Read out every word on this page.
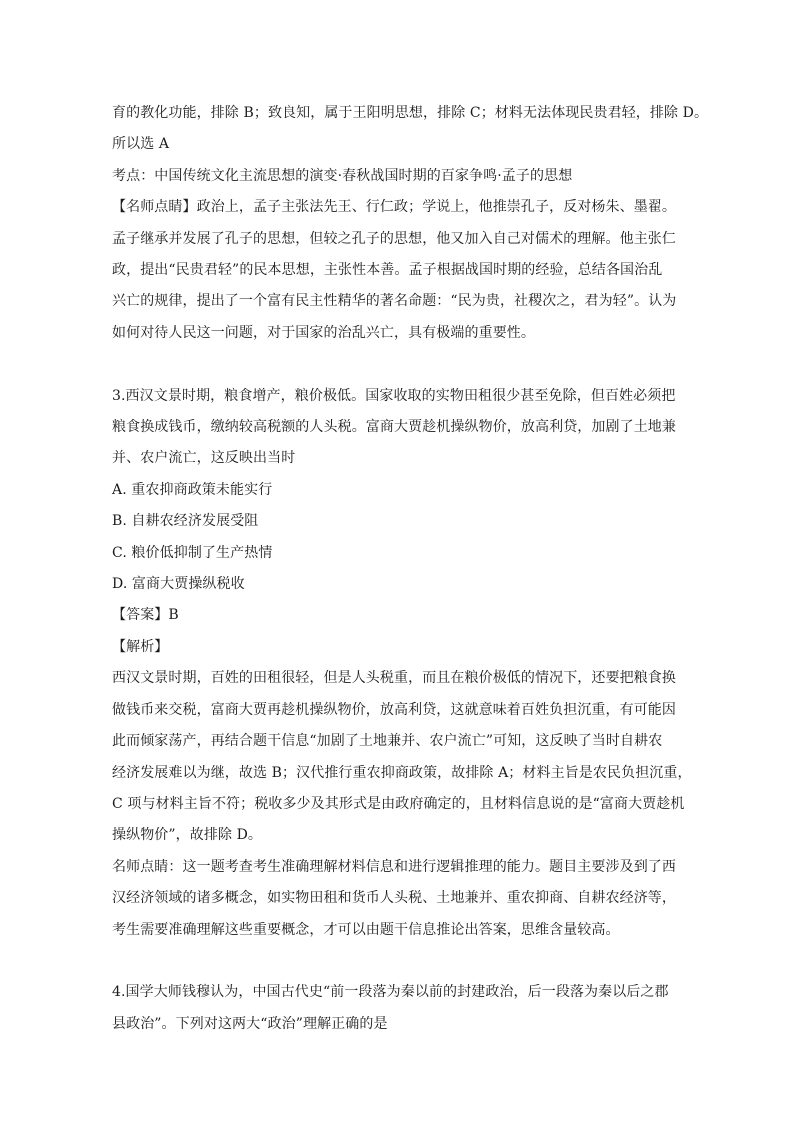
育的教化功能，排除 B；致良知，属于王阳明思想，排除 C；材料无法体现民贵君轻，排除 D。
所以选 A
考点：中国传统文化主流思想的演变·春秋战国时期的百家争鸣·孟子的思想
【名师点睛】政治上，孟子主张法先王、行仁政；学说上，他推崇孔子，反对杨朱、墨翟。
孟子继承并发展了孔子的思想，但较之孔子的思想，他又加入自己对儒术的理解。他主张仁
政，提出“民贵君轻”的民本思想，主张性本善。孟子根据战国时期的经验，总结各国治乱
兴亡的规律，提出了一个富有民主性精华的著名命题：“民为贵，社稷次之，君为轻”。认为
如何对待人民这一问题，对于国家的治乱兴亡，具有极端的重要性。
3.西汉文景时期，粮食增产，粮价极低。国家收取的实物田租很少甚至免除，但百姓必须把
粮食换成钱币，缴纳较高税额的人头税。富商大贾趁机操纵物价，放高利贷，加剧了土地兼
并、农户流亡，这反映出当时
A. 重农抑商政策未能实行
B. 自耕农经济发展受阻
C. 粮价低抑制了生产热情
D. 富商大贾操纵税收
【答案】B
【解析】
西汉文景时期，百姓的田租很轻，但是人头税重，而且在粮价极低的情况下，还要把粮食换
做钱币来交税，富商大贾再趁机操纵物价，放高利贷，这就意味着百姓负担沉重，有可能因
此而倾家荡产，再结合题干信息“加剧了土地兼并、农户流亡”可知，这反映了当时自耕农
经济发展难以为继，故选 B；汉代推行重农抑商政策，故排除 A；材料主旨是农民负担沉重，
C 项与材料主旨不符；税收多少及其形式是由政府确定的，且材料信息说的是“富商大贾趁机
操纵物价”，故排除 D。
名师点睛：这一题考查考生准确理解材料信息和进行逻辑推理的能力。题目主要涉及到了西
汉经济领域的诸多概念，如实物田租和货币人头税、土地兼并、重农抑商、自耕农经济等，
考生需要准确理解这些重要概念，才可以由题干信息推论出答案，思维含量较高。
4.国学大师钱穆认为，中国古代史“前一段落为秦以前的封建政治，后一段落为秦以后之郡
县政治”。下列对这两大“政治”理解正确的是
